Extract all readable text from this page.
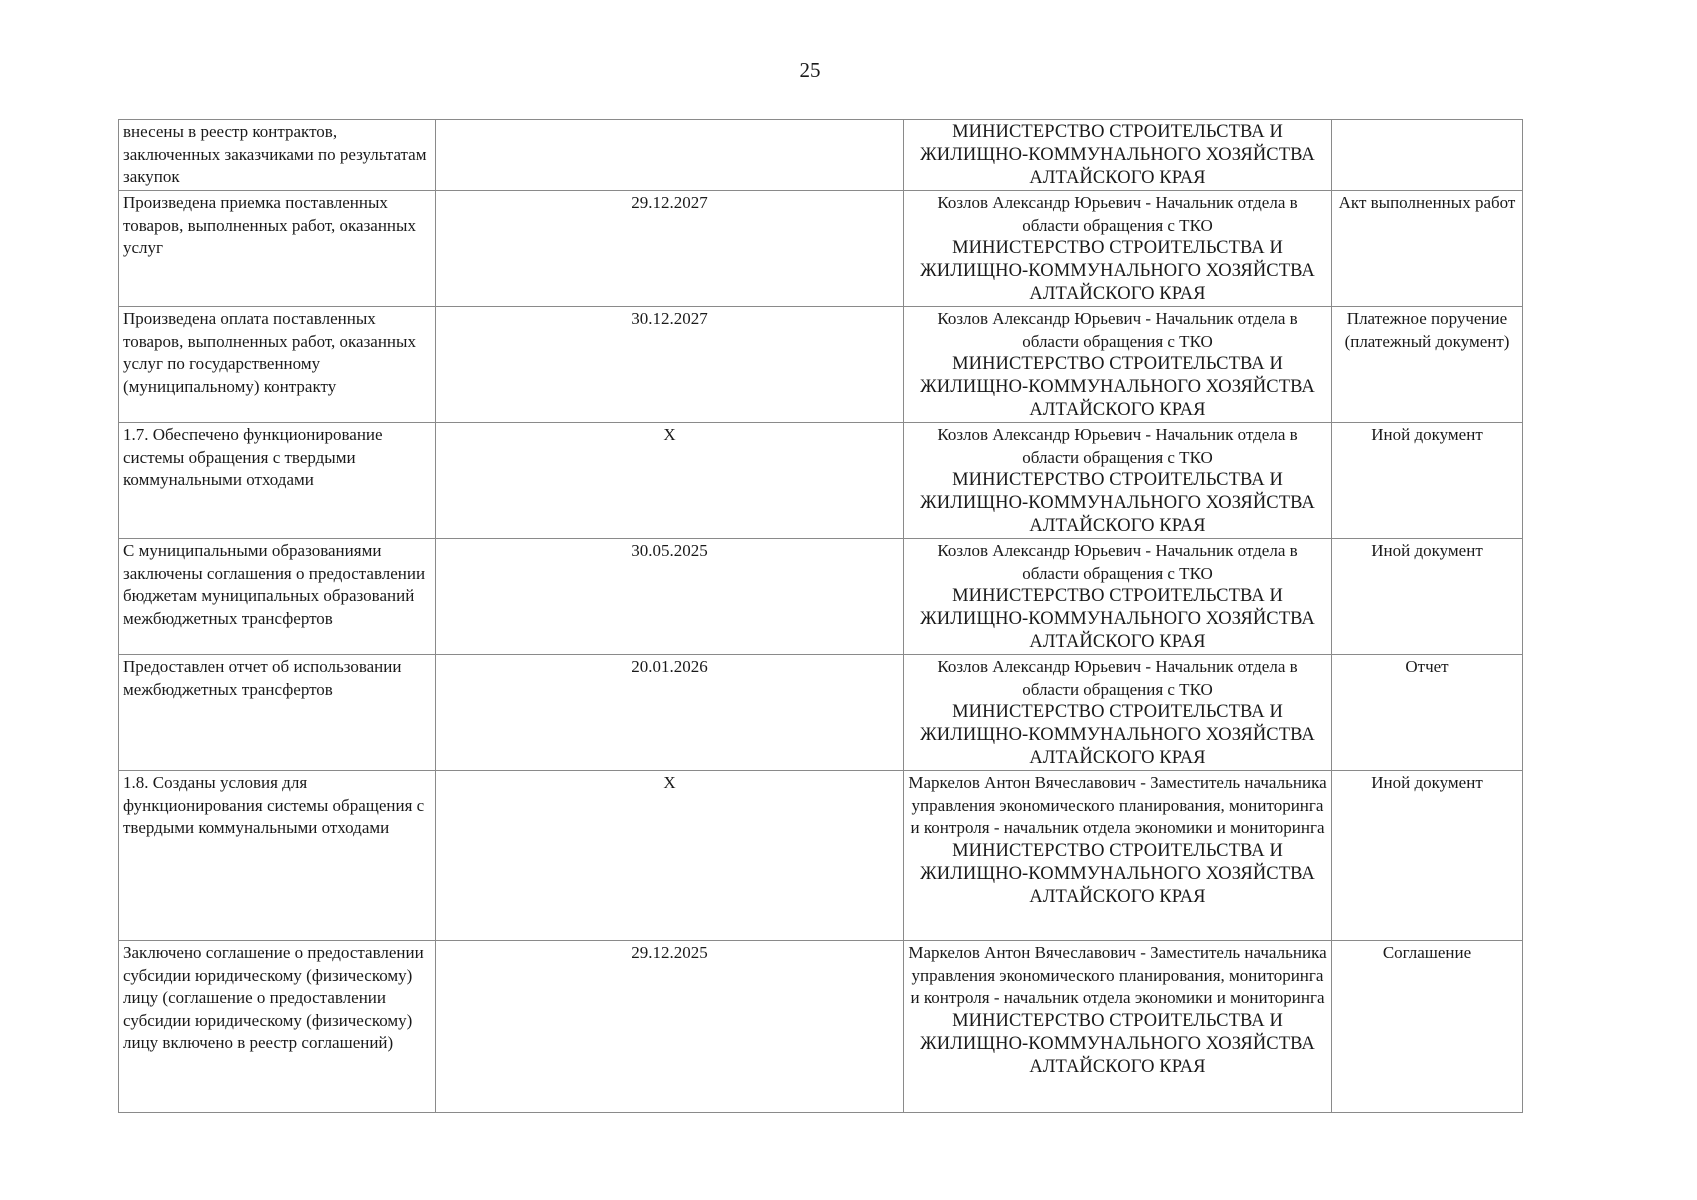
25
внесены в реестр контрактов, заключенных заказчиками по результатам закупок		МИНИСТЕРСТВО СТРОИТЕЛЬСТВА И ЖИЛИЩНО-КОММУНАЛЬНОГО ХОЗЯЙСТВА АЛТАЙСКОГО КРАЯ	

Произведена приемка поставленных товаров, выполненных работ, оказанных услуг	29.12.2027	Козлов Александр Юрьевич - Начальник отдела в области обращения с ТКО
МИНИСТЕРСТВО СТРОИТЕЛЬСТВА И ЖИЛИЩНО-КОММУНАЛЬНОГО ХОЗЯЙСТВА АЛТАЙСКОГО КРАЯ	Акт выполненных работ
Произведена оплата поставленных товаров, выполненных работ, оказанных услуг по государственному (муниципальному) контракту	30.12.2027	Козлов Александр Юрьевич - Начальник отдела в области обращения с ТКО
МИНИСТЕРСТВО СТРОИТЕЛЬСТВА И ЖИЛИЩНО-КОММУНАЛЬНОГО ХОЗЯЙСТВА АЛТАЙСКОГО КРАЯ	Платежное поручение (платежный документ)
1.7. Обеспечено функционирование системы обращения с твердыми коммунальными отходами	X	Козлов Александр Юрьевич - Начальник отдела в области обращения с ТКО
МИНИСТЕРСТВО СТРОИТЕЛЬСТВА И ЖИЛИЩНО-КОММУНАЛЬНОГО ХОЗЯЙСТВА АЛТАЙСКОГО КРАЯ	Иной документ
С муниципальными образованиями заключены соглашения о предоставлении бюджетам муниципальных образований межбюджетных трансфертов	30.05.2025	Козлов Александр Юрьевич - Начальник отдела в области обращения с ТКО
МИНИСТЕРСТВО СТРОИТЕЛЬСТВА И ЖИЛИЩНО-КОММУНАЛЬНОГО ХОЗЯЙСТВА АЛТАЙСКОГО КРАЯ	Иной документ
Предоставлен отчет об использовании межбюджетных трансфертов	20.01.2026	Козлов Александр Юрьевич - Начальник отдела в области обращения с ТКО
МИНИСТЕРСТВО СТРОИТЕЛЬСТВА И ЖИЛИЩНО-КОММУНАЛЬНОГО ХОЗЯЙСТВА АЛТАЙСКОГО КРАЯ	Отчет
1.8. Созданы условия для функционирования системы обращения с твердыми коммунальными отходами	X	Маркелов Антон Вячеславович - Заместитель начальника управления экономического планирования, мониторинга и контроля - начальник отдела экономики и мониторинга
МИНИСТЕРСТВО СТРОИТЕЛЬСТВА И ЖИЛИЩНО-КОММУНАЛЬНОГО ХОЗЯЙСТВА АЛТАЙСКОГО КРАЯ	Иной документ
Заключено соглашение о предоставлении субсидии юридическому (физическому) лицу (соглашение о предоставлении субсидии юридическому (физическому) лицу включено в реестр соглашений)	29.12.2025	Маркелов Антон Вячеславович - Заместитель начальника управления экономического планирования, мониторинга и контроля - начальник отдела экономики и мониторинга
МИНИСТЕРСТВО СТРОИТЕЛЬСТВА И ЖИЛИЩНО-КОММУНАЛЬНОГО ХОЗЯЙСТВА АЛТАЙСКОГО КРАЯ	Соглашение
